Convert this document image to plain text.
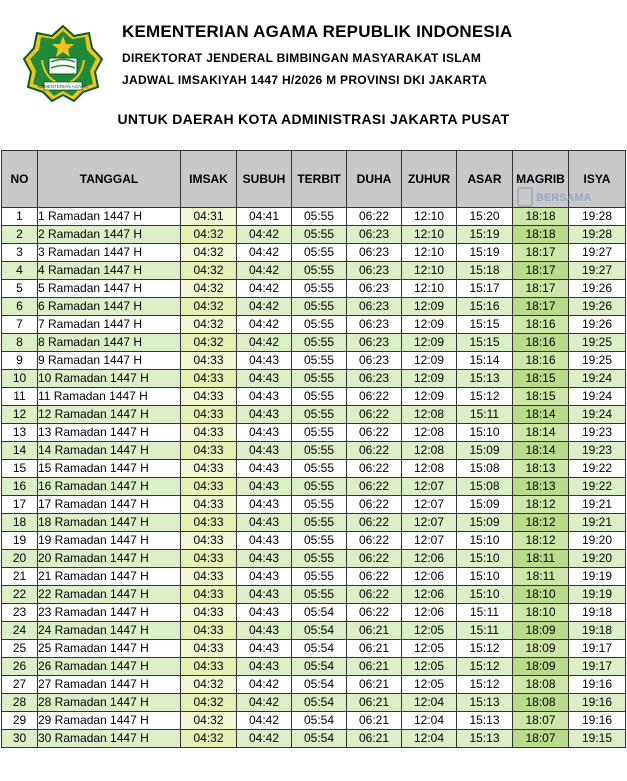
KEMENTERIAN AGAMA
KEMENTERIAN AGAMA REPUBLIK INDONESIA
DIREKTORAT JENDERAL BIMBINGAN MASYARAKAT ISLAM
JADWAL IMSAKIYAH 1447 H/2026 M PROVINSI DKI JAKARTA
UNTUK DAERAH KOTA ADMINISTRASI JAKARTA PUSAT
NO	TANGGAL	IMSAK	SUBUH	TERBIT	DUHA	ZUHUR	ASAR	MAGRIB	ISYA
1	1 Ramadan 1447 H	04:31	04:41	05:55	06:22	12:10	15:20	18:18	19:28
2	2 Ramadan 1447 H	04:32	04:42	05:55	06:23	12:10	15:19	18:18	19:28
3	3 Ramadan 1447 H	04:32	04:42	05:55	06:23	12:10	15:19	18:17	19:27
4	4 Ramadan 1447 H	04:32	04:42	05:55	06:23	12:10	15:18	18:17	19:27
5	5 Ramadan 1447 H	04:32	04:42	05:55	06:23	12:10	15:17	18:17	19:26
6	6 Ramadan 1447 H	04:32	04:42	05:55	06:23	12:09	15:16	18:17	19:26
7	7 Ramadan 1447 H	04:32	04:42	05:55	06:23	12:09	15:15	18:16	19:26
8	8 Ramadan 1447 H	04:32	04:42	05:55	06:23	12:09	15:15	18:16	19:25
9	9 Ramadan 1447 H	04:33	04:43	05:55	06:23	12:09	15:14	18:16	19:25
10	10 Ramadan 1447 H	04:33	04:43	05:55	06:23	12:09	15:13	18:15	19:24
11	11 Ramadan 1447 H	04:33	04:43	05:55	06:22	12:09	15:12	18:15	19:24
12	12 Ramadan 1447 H	04:33	04:43	05:55	06:22	12:08	15:11	18:14	19:24
13	13 Ramadan 1447 H	04:33	04:43	05:55	06:22	12:08	15:10	18:14	19:23
14	14 Ramadan 1447 H	04:33	04:43	05:55	06:22	12:08	15:09	18:14	19:23
15	15 Ramadan 1447 H	04:33	04:43	05:55	06:22	12:08	15:08	18:13	19:22
16	16 Ramadan 1447 H	04:33	04:43	05:55	06:22	12:07	15:08	18:13	19:22
17	17 Ramadan 1447 H	04:33	04:43	05:55	06:22	12:07	15:09	18:12	19:21
18	18 Ramadan 1447 H	04:33	04:43	05:55	06:22	12:07	15:09	18:12	19:21
19	19 Ramadan 1447 H	04:33	04:43	05:55	06:22	12:07	15:10	18:12	19:20
20	20 Ramadan 1447 H	04:33	04:43	05:55	06:22	12:06	15:10	18:11	19:20
21	21 Ramadan 1447 H	04:33	04:43	05:55	06:22	12:06	15:10	18:11	19:19
22	22 Ramadan 1447 H	04:33	04:43	05:55	06:22	12:06	15:10	18:10	19:19
23	23 Ramadan 1447 H	04:33	04:43	05:54	06:22	12:06	15:11	18:10	19:18
24	24 Ramadan 1447 H	04:33	04:43	05:54	06:21	12:05	15:11	18:09	19:18
25	25 Ramadan 1447 H	04:33	04:43	05:54	06:21	12:05	15:12	18:09	19:17
26	26 Ramadan 1447 H	04:33	04:43	05:54	06:21	12:05	15:12	18:09	19:17
27	27 Ramadan 1447 H	04:32	04:42	05:54	06:21	12:05	15:12	18:08	19:16
28	28 Ramadan 1447 H	04:32	04:42	05:54	06:21	12:04	15:13	18:08	19:16
29	29 Ramadan 1447 H	04:32	04:42	05:54	06:21	12:04	15:13	18:07	19:16
30	30 Ramadan 1447 H	04:32	04:42	05:54	06:21	12:04	15:13	18:07	19:15
BERSAMA
